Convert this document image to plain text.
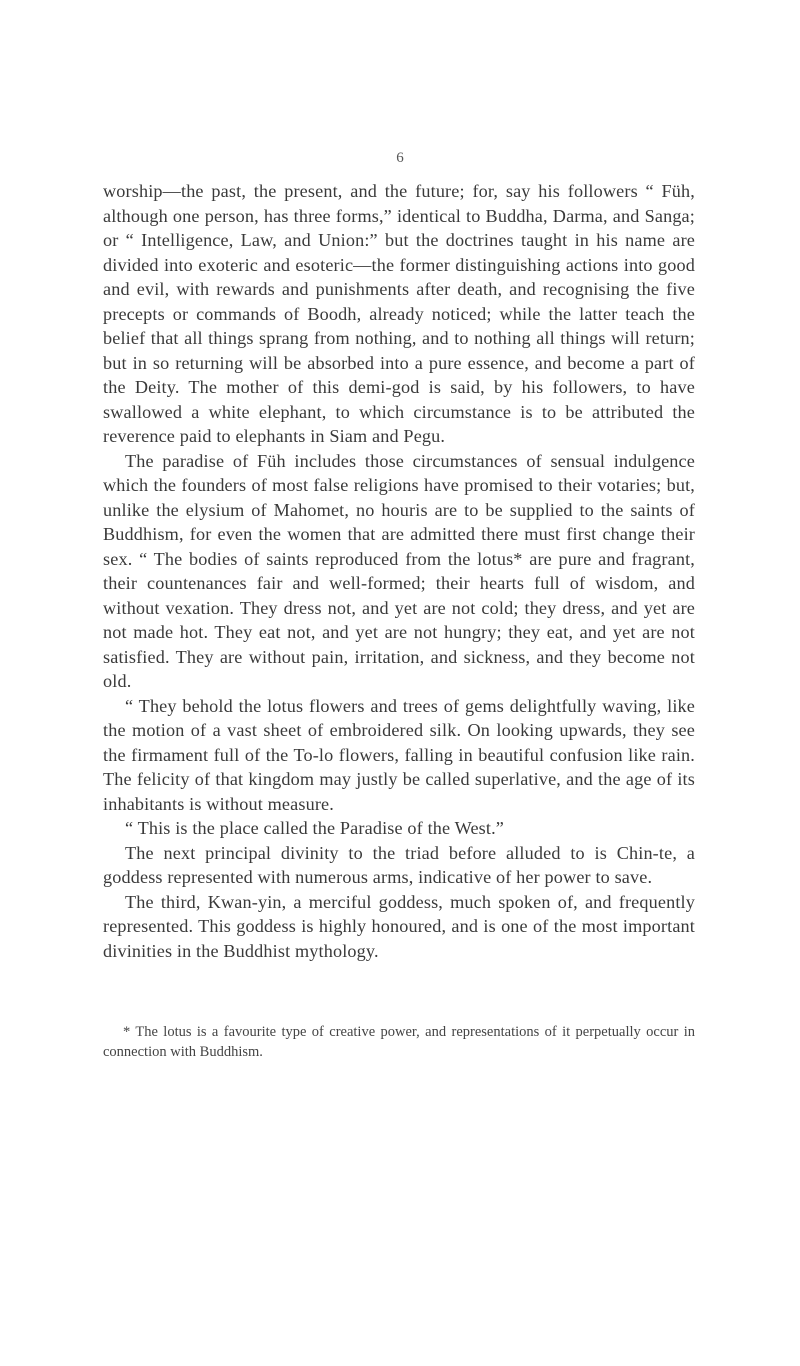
6

worship—the past, the present, and the future; for, say his followers “ Füh, although one person, has three forms,” identical to Buddha, Darma, and Sanga; or “ Intelligence, Law, and Union:” but the doctrines taught in his name are divided into exoteric and esoteric—the former distinguishing actions into good and evil, with rewards and punishments after death, and recognising the five precepts or commands of Boodh, already noticed; while the latter teach the belief that all things sprang from nothing, and to nothing all things will return; but in so returning will be absorbed into a pure essence, and become a part of the Deity. The mother of this demi-god is said, by his followers, to have swallowed a white elephant, to which circumstance is to be attributed the reverence paid to elephants in Siam and Pegu.

The paradise of Füh includes those circumstances of sensual indulgence which the founders of most false religions have promised to their votaries; but, unlike the elysium of Mahomet, no houris are to be supplied to the saints of Buddhism, for even the women that are admitted there must first change their sex. “ The bodies of saints reproduced from the lotus* are pure and fragrant, their countenances fair and well-formed; their hearts full of wisdom, and without vexation. They dress not, and yet are not cold; they dress, and yet are not made hot. They eat not, and yet are not hungry; they eat, and yet are not satisfied. They are without pain, irritation, and sickness, and they become not old.

“ They behold the lotus flowers and trees of gems delightfully waving, like the motion of a vast sheet of embroidered silk. On looking upwards, they see the firmament full of the To-lo flowers, falling in beautiful confusion like rain. The felicity of that kingdom may justly be called superlative, and the age of its inhabitants is without measure.

“ This is the place called the Paradise of the West.”

The next principal divinity to the triad before alluded to is Chin-te, a goddess represented with numerous arms, indicative of her power to save.

The third, Kwan-yin, a merciful goddess, much spoken of, and frequently represented. This goddess is highly honoured, and is one of the most important divinities in the Buddhist mythology.

* The lotus is a favourite type of creative power, and representations of it perpetually occur in connection with Buddhism.
